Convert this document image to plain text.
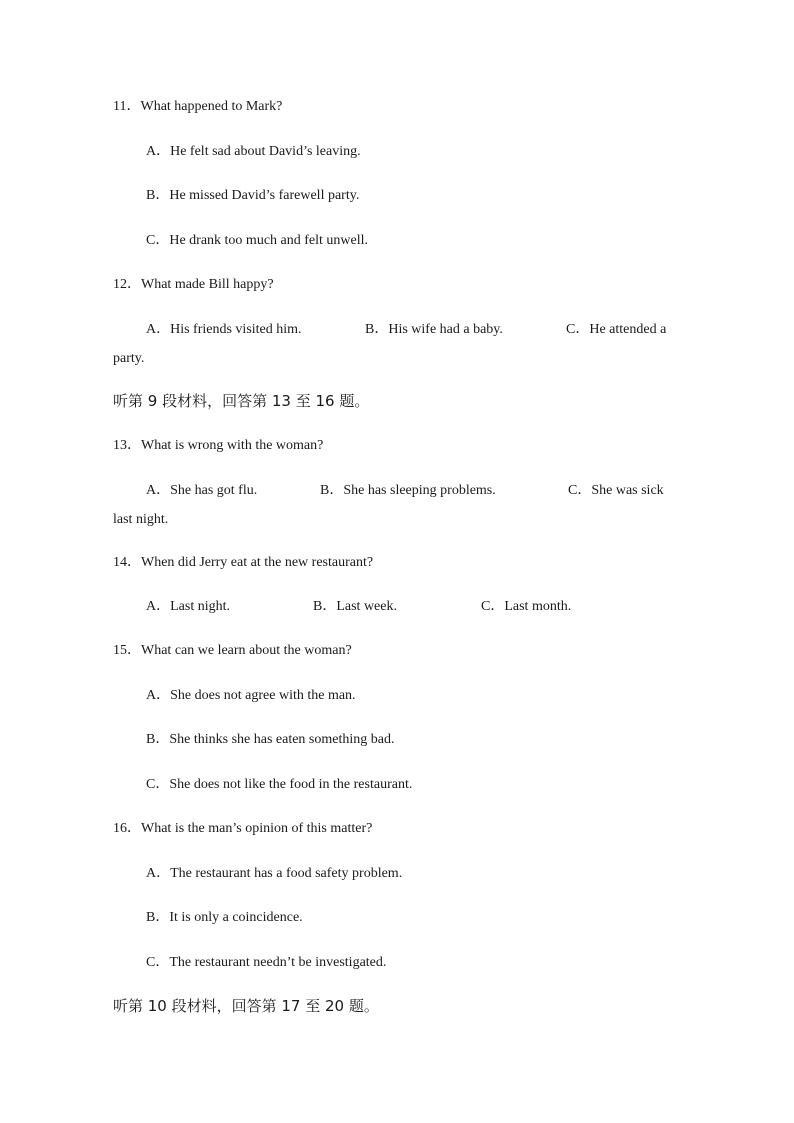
11．What happened to Mark?
A．He felt sad about David’s leaving.
B．He missed David’s farewell party.
C．He drank too much and felt unwell.
12．What made Bill happy?
A．His friends visited him.	B．His wife had a baby.	C．He attended a
party.
听第 9 段材料，回答第 13 至 16 题。
13．What is wrong with the woman?
A．She has got flu.	B．She has sleeping problems.	C．She was sick
last night.
14．When did Jerry eat at the new restaurant?
A．Last night.	B．Last week.	C．Last month.
15．What can we learn about the woman?
A．She does not agree with the man.
B．She thinks she has eaten something bad.
C．She does not like the food in the restaurant.
16．What is the man’s opinion of this matter?
A．The restaurant has a food safety problem.
B．It is only a coincidence.
C．The restaurant needn’t be investigated.
听第 10 段材料，回答第 17 至 20 题。
